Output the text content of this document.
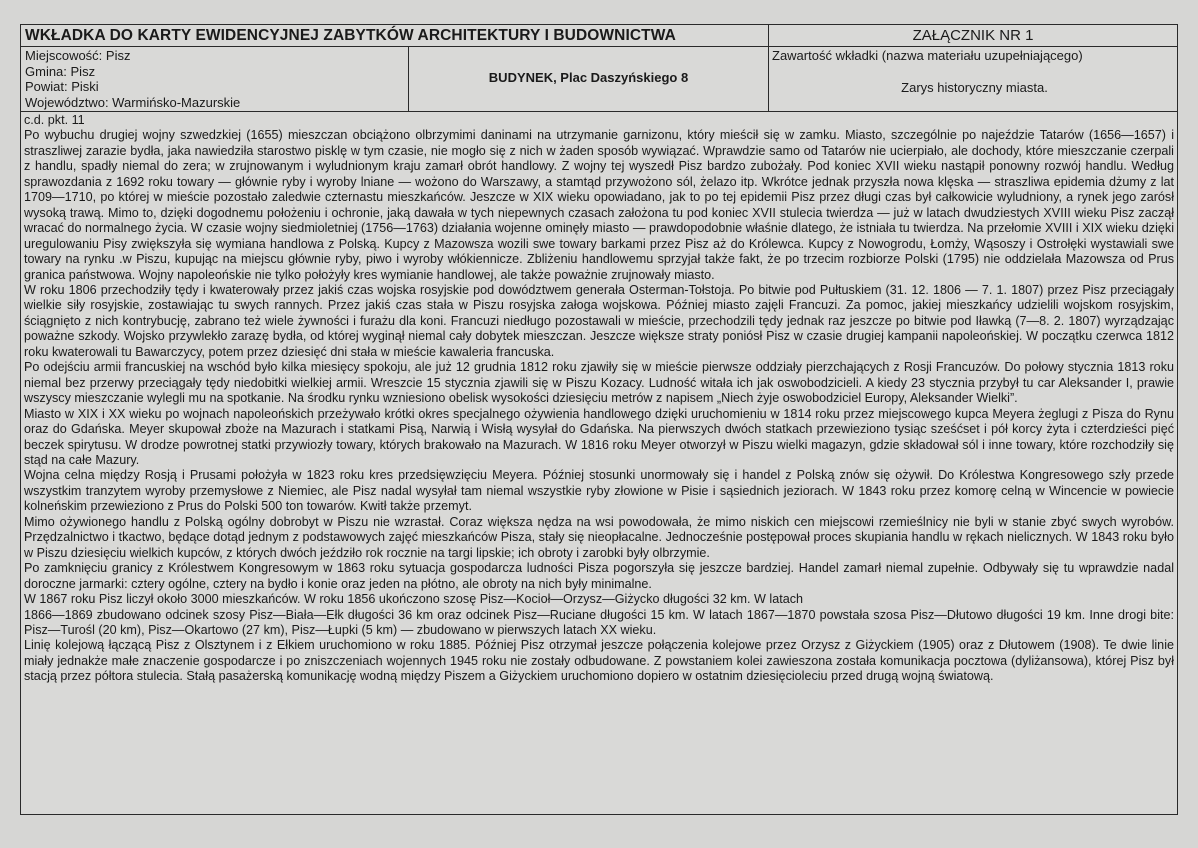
WKŁADKA DO KARTY EWIDENCYJNEJ ZABYTKÓW ARCHITEKTURY I BUDOWNICTWA	ZAŁĄCZNIK NR 1
Miejscowość: Pisz
Gmina: Pisz
Powiat: Piski
Województwo: Warmińsko-Mazurskie
BUDYNEK, Plac Daszyńskiego 8
Zawartość wkładki (nazwa materiału uzupełniającego)
Zarys historyczny miasta.

c.d. pkt. 11

Po wybuchu drugiej wojny szwedzkiej (1655) mieszczan obciążono olbrzymimi daninami na utrzymanie garnizonu, który mieścił się w zamku. Miasto, szczególnie po najeździe Tatarów (1656—1657) i straszliwej zarazie bydła, jaka nawiedziła starostwo pisklę w tym czasie, nie mogło się z nich w żaden sposób wywiązać. Wprawdzie samo od Tatarów nie ucierpiało, ale dochody, które mieszczanie czerpali z handlu, spadły niemal do zera; w zrujnowanym i wyludnionym kraju zamarł obrót handlowy. Z wojny tej wyszedł Pisz bardzo zubożały. Pod koniec XVII wieku nastąpił ponowny rozwój handlu. Według sprawozdania z 1692 roku towary — głównie ryby i wyroby lniane — wożono do Warszawy, a stamtąd przywożono sól, żelazo itp. Wkrótce jednak przyszła nowa klęska — straszliwa epidemia dżumy z lat 1709—1710, po której w mieście pozostało zaledwie czternastu mieszkańców. Jeszcze w XIX wieku opowiadano, jak to po tej epidemii Pisz przez długi czas był całkowicie wyludniony, a rynek jego zarósł wysoką trawą. Mimo to, dzięki dogodnemu położeniu i ochronie, jaką dawała w tych niepewnych czasach założona tu pod koniec XVII stulecia twierdza — już w latach dwudziestych XVIII wieku Pisz zaczął wracać do normalnego życia. W czasie wojny siedmioletniej (1756—1763) działania wojenne ominęły miasto — prawdopodobnie właśnie dlatego, że istniała tu twierdza. Na przełomie XVIII i XIX wieku dzięki uregulowaniu Pisy zwiększyła się wymiana handlowa z Polską. Kupcy z Mazowsza wozili swe towary barkami przez Pisz aż do Królewca. Kupcy z Nowogrodu, Łomży, Wąsoszy i Ostrołęki wystawiali swe towary na rynku .w Piszu, kupując na miejscu głównie ryby, piwo i wyroby włókiennicze. Zbliżeniu handlowemu sprzyjał także fakt, że po trzecim rozbiorze Polski (1795) nie oddzielała Mazowsza od Prus granica państwowa. Wojny napoleońskie nie tylko położyły kres wymianie handlowej, ale także poważnie zrujnowały miasto.

W roku 1806 przechodziły tędy i kwaterowały przez jakiś czas wojska rosyjskie pod dowództwem generała Osterman-Tołstoja. Po bitwie pod Pułtuskiem (31. 12. 1806 — 7. 1. 1807) przez Pisz przeciągały wielkie siły rosyjskie, zostawiając tu swych rannych. Przez jakiś czas stała w Piszu rosyjska załoga wojskowa. Później miasto zajęli Francuzi. Za pomoc, jakiej mieszkańcy udzielili wojskom rosyjskim, ściągnięto z nich kontrybucję, zabrano też wiele żywności i furażu dla koni. Francuzi niedługo pozostawali w mieście, przechodzili tędy jednak raz jeszcze po bitwie pod Iławką (7—8. 2. 1807) wyrządzając poważne szkody. Wojsko przywlekło zarazę bydła, od której wyginął niemal cały dobytek mieszczan. Jeszcze większe straty poniósł Pisz w czasie drugiej kampanii napoleońskiej. W początku czerwca 1812 roku kwaterowali tu Bawarczycy, potem przez dziesięć dni stała w mieście kawaleria francuska.

Po odejściu armii francuskiej na wschód było kilka miesięcy spokoju, ale już 12 grudnia 1812 roku zjawiły się w mieście pierwsze oddziały pierzchających z Rosji Francuzów. Do połowy stycznia 1813 roku niemal bez przerwy przeciągały tędy niedobitki wielkiej armii. Wreszcie 15 stycznia zjawili się w Piszu Kozacy. Ludność witała ich jak oswobodzicieli. A kiedy 23 stycznia przybył tu car Aleksander I, prawie wszyscy mieszczanie wylegli mu na spotkanie. Na środku rynku wzniesiono obelisk wysokości dziesięciu metrów z napisem „Niech żyje oswobodziciel Europy, Aleksander Wielki”.

Miasto w XIX i XX wieku po wojnach napoleońskich przeżywało krótki okres specjalnego ożywienia handlowego dzięki uruchomieniu w 1814 roku przez miejscowego kupca Meyera żeglugi z Pisza do Rynu oraz do Gdańska. Meyer skupował zboże na Mazurach i statkami Pisą, Narwią i Wisłą wysyłał do Gdańska. Na pierwszych dwóch statkach przewieziono tysiąc sześćset i pół korcy żyta i czterdzieści pięć beczek spirytusu. W drodze powrotnej statki przywiozły towary, których brakowało na Mazurach. W 1816 roku Meyer otworzył w Piszu wielki magazyn, gdzie składował sól i inne towary, które rozchodziły się stąd na całe Mazury.

Wojna celna między Rosją i Prusami położyła w 1823 roku kres przedsięwzięciu Meyera. Później stosunki unormowały się i handel z Polską znów się ożywił. Do Królestwa Kongresowego szły przede wszystkim tranzytem wyroby przemysłowe z Niemiec, ale Pisz nadal wysyłał tam niemal wszystkie ryby złowione w Pisie i sąsiednich jeziorach. W 1843 roku przez komorę celną w Wincencie w powiecie kolneńskim przewieziono z Prus do Polski 500 ton towarów. Kwitł także przemyt.

Mimo ożywionego handlu z Polską ogólny dobrobyt w Piszu nie wzrastał. Coraz większa nędza na wsi powodowała, że mimo niskich cen miejscowi rzemieślnicy nie byli w stanie zbyć swych wyrobów. Przędzalnictwo i tkactwo, będące dotąd jednym z podstawowych zajęć mieszkańców Pisza, stały się nieopłacalne. Jednocześnie postępował proces skupiania handlu w rękach nielicznych. W 1843 roku było w Piszu dziesięciu wielkich kupców, z których dwóch jeździło rok rocznie na targi lipskie; ich obroty i zarobki były olbrzymie.

Po zamknięciu granicy z Królestwem Kongresowym w 1863 roku sytuacja gospodarcza ludności Pisza pogorszyła się jeszcze bardziej. Handel zamarł niemal zupełnie. Odbywały się tu wprawdzie nadal doroczne jarmarki: cztery ogólne, cztery na bydło i konie oraz jeden na płótno, ale obroty na nich były minimalne.

W 1867 roku Pisz liczył około 3000 mieszkańców. W roku 1856 ukończono szosę Pisz—Kocioł—Orzysz—Giżycko długości 32 km. W latach

1866—1869 zbudowano odcinek szosy Pisz—Biała—Ełk długości 36 km oraz odcinek Pisz—Ruciane długości 15 km. W latach 1867—1870 powstała szosa Pisz—Dłutowo długości 19 km. Inne drogi bite: Pisz—Turośl (20 km), Pisz—Okartowo (27 km), Pisz—Łupki (5 km) — zbudowano w pierwszych latach XX wieku.

Linię kolejową łączącą Pisz z Olsztynem i z Ełkiem uruchomiono w roku 1885. Później Pisz otrzymał jeszcze połączenia kolejowe przez Orzysz z Giżyckiem (1905) oraz z Dłutowem (1908). Te dwie linie miały jednakże małe znaczenie gospodarcze i po zniszczeniach wojennych 1945 roku nie zostały odbudowane. Z powstaniem kolei zawieszona została komunikacja pocztowa (dyliżansowa), której Pisz był stacją przez półtora stulecia. Stałą pasażerską komunikację wodną między Piszem a Giżyckiem uruchomiono dopiero w ostatnim dziesięcioleciu przed drugą wojną światową.
